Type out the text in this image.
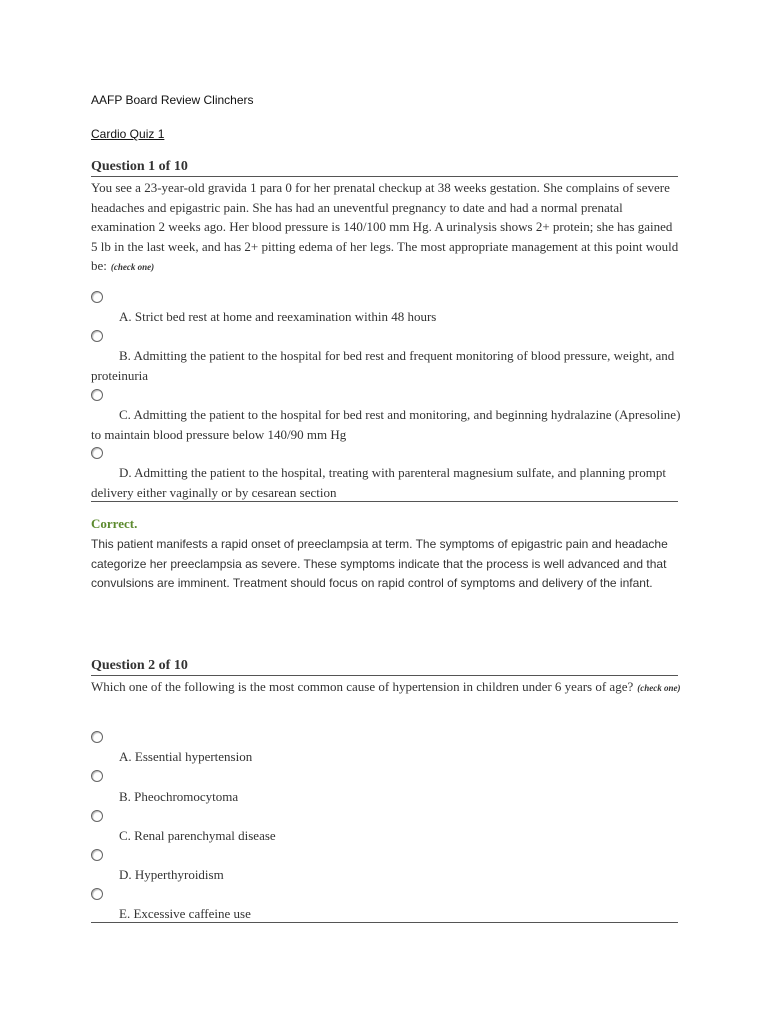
AAFP Board Review Clinchers
Cardio Quiz 1
Question 1 of 10
You see a 23-year-old gravida 1 para 0 for her prenatal checkup at 38 weeks gestation. She complains of severe headaches and epigastric pain. She has had an uneventful pregnancy to date and had a normal prenatal examination 2 weeks ago. Her blood pressure is 140/100 mm Hg. A urinalysis shows 2+ protein; she has gained 5 lb in the last week, and has 2+ pitting edema of her legs. The most appropriate management at this point would be: (check one)
A. Strict bed rest at home and reexamination within 48 hours
B. Admitting the patient to the hospital for bed rest and frequent monitoring of blood pressure, weight, and proteinuria
C. Admitting the patient to the hospital for bed rest and monitoring, and beginning hydralazine (Apresoline) to maintain blood pressure below 140/90 mm Hg
D. Admitting the patient to the hospital, treating with parenteral magnesium sulfate, and planning prompt delivery either vaginally or by cesarean section
Correct.
This patient manifests a rapid onset of preeclampsia at term. The symptoms of epigastric pain and headache categorize her preeclampsia as severe. These symptoms indicate that the process is well advanced and that convulsions are imminent. Treatment should focus on rapid control of symptoms and delivery of the infant.
Question 2 of 10
Which one of the following is the most common cause of hypertension in children under 6 years of age? (check one)
A. Essential hypertension
B. Pheochromocytoma
C. Renal parenchymal disease
D. Hyperthyroidism
E. Excessive caffeine use
